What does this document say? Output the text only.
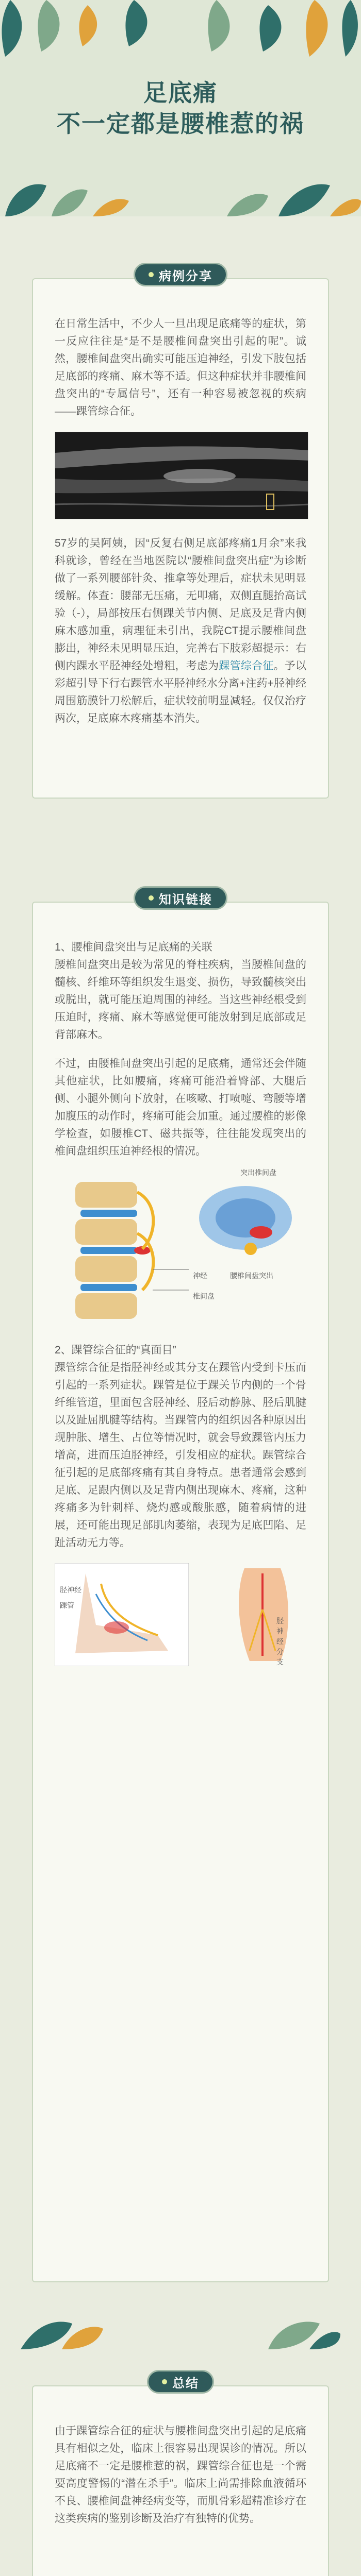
足底痛
不一定都是腰椎惹的祸
病例分享

在日常生活中，不少人一旦出现足底痛等的症状，第一反应往往是“是不是腰椎间盘突出引起的呢”。诚然，腰椎间盘突出确实可能压迫神经，引发下肢包括足底部的疼痛、麻木等不适。但这种症状并非腰椎间盘突出的“专属信号”，还有一种容易被忽视的疾病——踝管综合征。

57岁的吴阿姨，因“反复右侧足底部疼痛1月余”来我科就诊，曾经在当地医院以“腰椎间盘突出症”为诊断做了一系列腰部针灸、推拿等处理后，症状未见明显缓解。体查：腰部无压痛，无叩痛，双侧直腿抬高试验（-），局部按压右侧踝关节内侧、足底及足背内侧麻木感加重，病理征未引出，我院CT提示腰椎间盘膨出，神经未见明显压迫，完善右下肢彩超提示：右侧内踝水平胫神经处增粗，考虑为踝管综合征。予以彩超引导下行右踝管水平胫神经水分离+注药+胫神经周围筋膜针刀松解后，症状较前明显减轻。仅仅治疗两次，足底麻木疼痛基本消失。

知识链接

1、腰椎间盘突出与足底痛的关联
腰椎间盘突出是较为常见的脊柱疾病，当腰椎间盘的髓核、纤维环等组织发生退变、损伤，导致髓核突出或脱出，就可能压迫周围的神经。当这些神经根受到压迫时，疼痛、麻木等感觉便可能放射到足底部或足背部麻木。

不过，由腰椎间盘突出引起的足底痛，通常还会伴随其他症状，比如腰痛，疼痛可能沿着臀部、大腿后侧、小腿外侧向下放射，在咳嗽、打喷嚏、弯腰等增加腹压的动作时，疼痛可能会加重。通过腰椎的影像学检查，如腰椎CT、磁共振等，往往能发现突出的椎间盘组织压迫神经根的情况。

神经
椎间盘
突出椎间盘
腰椎间盘突出

2、踝管综合征的“真面目”
踝管综合征是指胫神经或其分支在踝管内受到卡压而引起的一系列症状。踝管是位于踝关节内侧的一个骨纤维管道，里面包含胫神经、胫后动静脉、胫后肌腱以及趾屈肌腱等结构。当踝管内的组织因各种原因出现肿胀、增生、占位等情况时，就会导致踝管内压力增高，进而压迫胫神经，引发相应的症状。踝管综合征引起的足底部疼痛有其自身特点。患者通常会感到足底、足跟内侧以及足背内侧出现麻木、疼痛，这种疼痛多为针刺样、烧灼感或酸胀感，随着病情的进展，还可能出现足部肌肉萎缩，表现为足底凹陷、足趾活动无力等。

胫神经
踝管
胫神经分支
总结

由于踝管综合征的症状与腰椎间盘突出引起的足底痛具有相似之处，临床上很容易出现误诊的情况。所以足底痛不一定是腰椎惹的祸，踝管综合征也是一个需要高度警惕的“潜在杀手”。临床上尚需排除血液循环不良、腰椎间盘神经病变等，而肌骨彩超精准诊疗在这类疾病的鉴别诊断及治疗有独特的优势。
